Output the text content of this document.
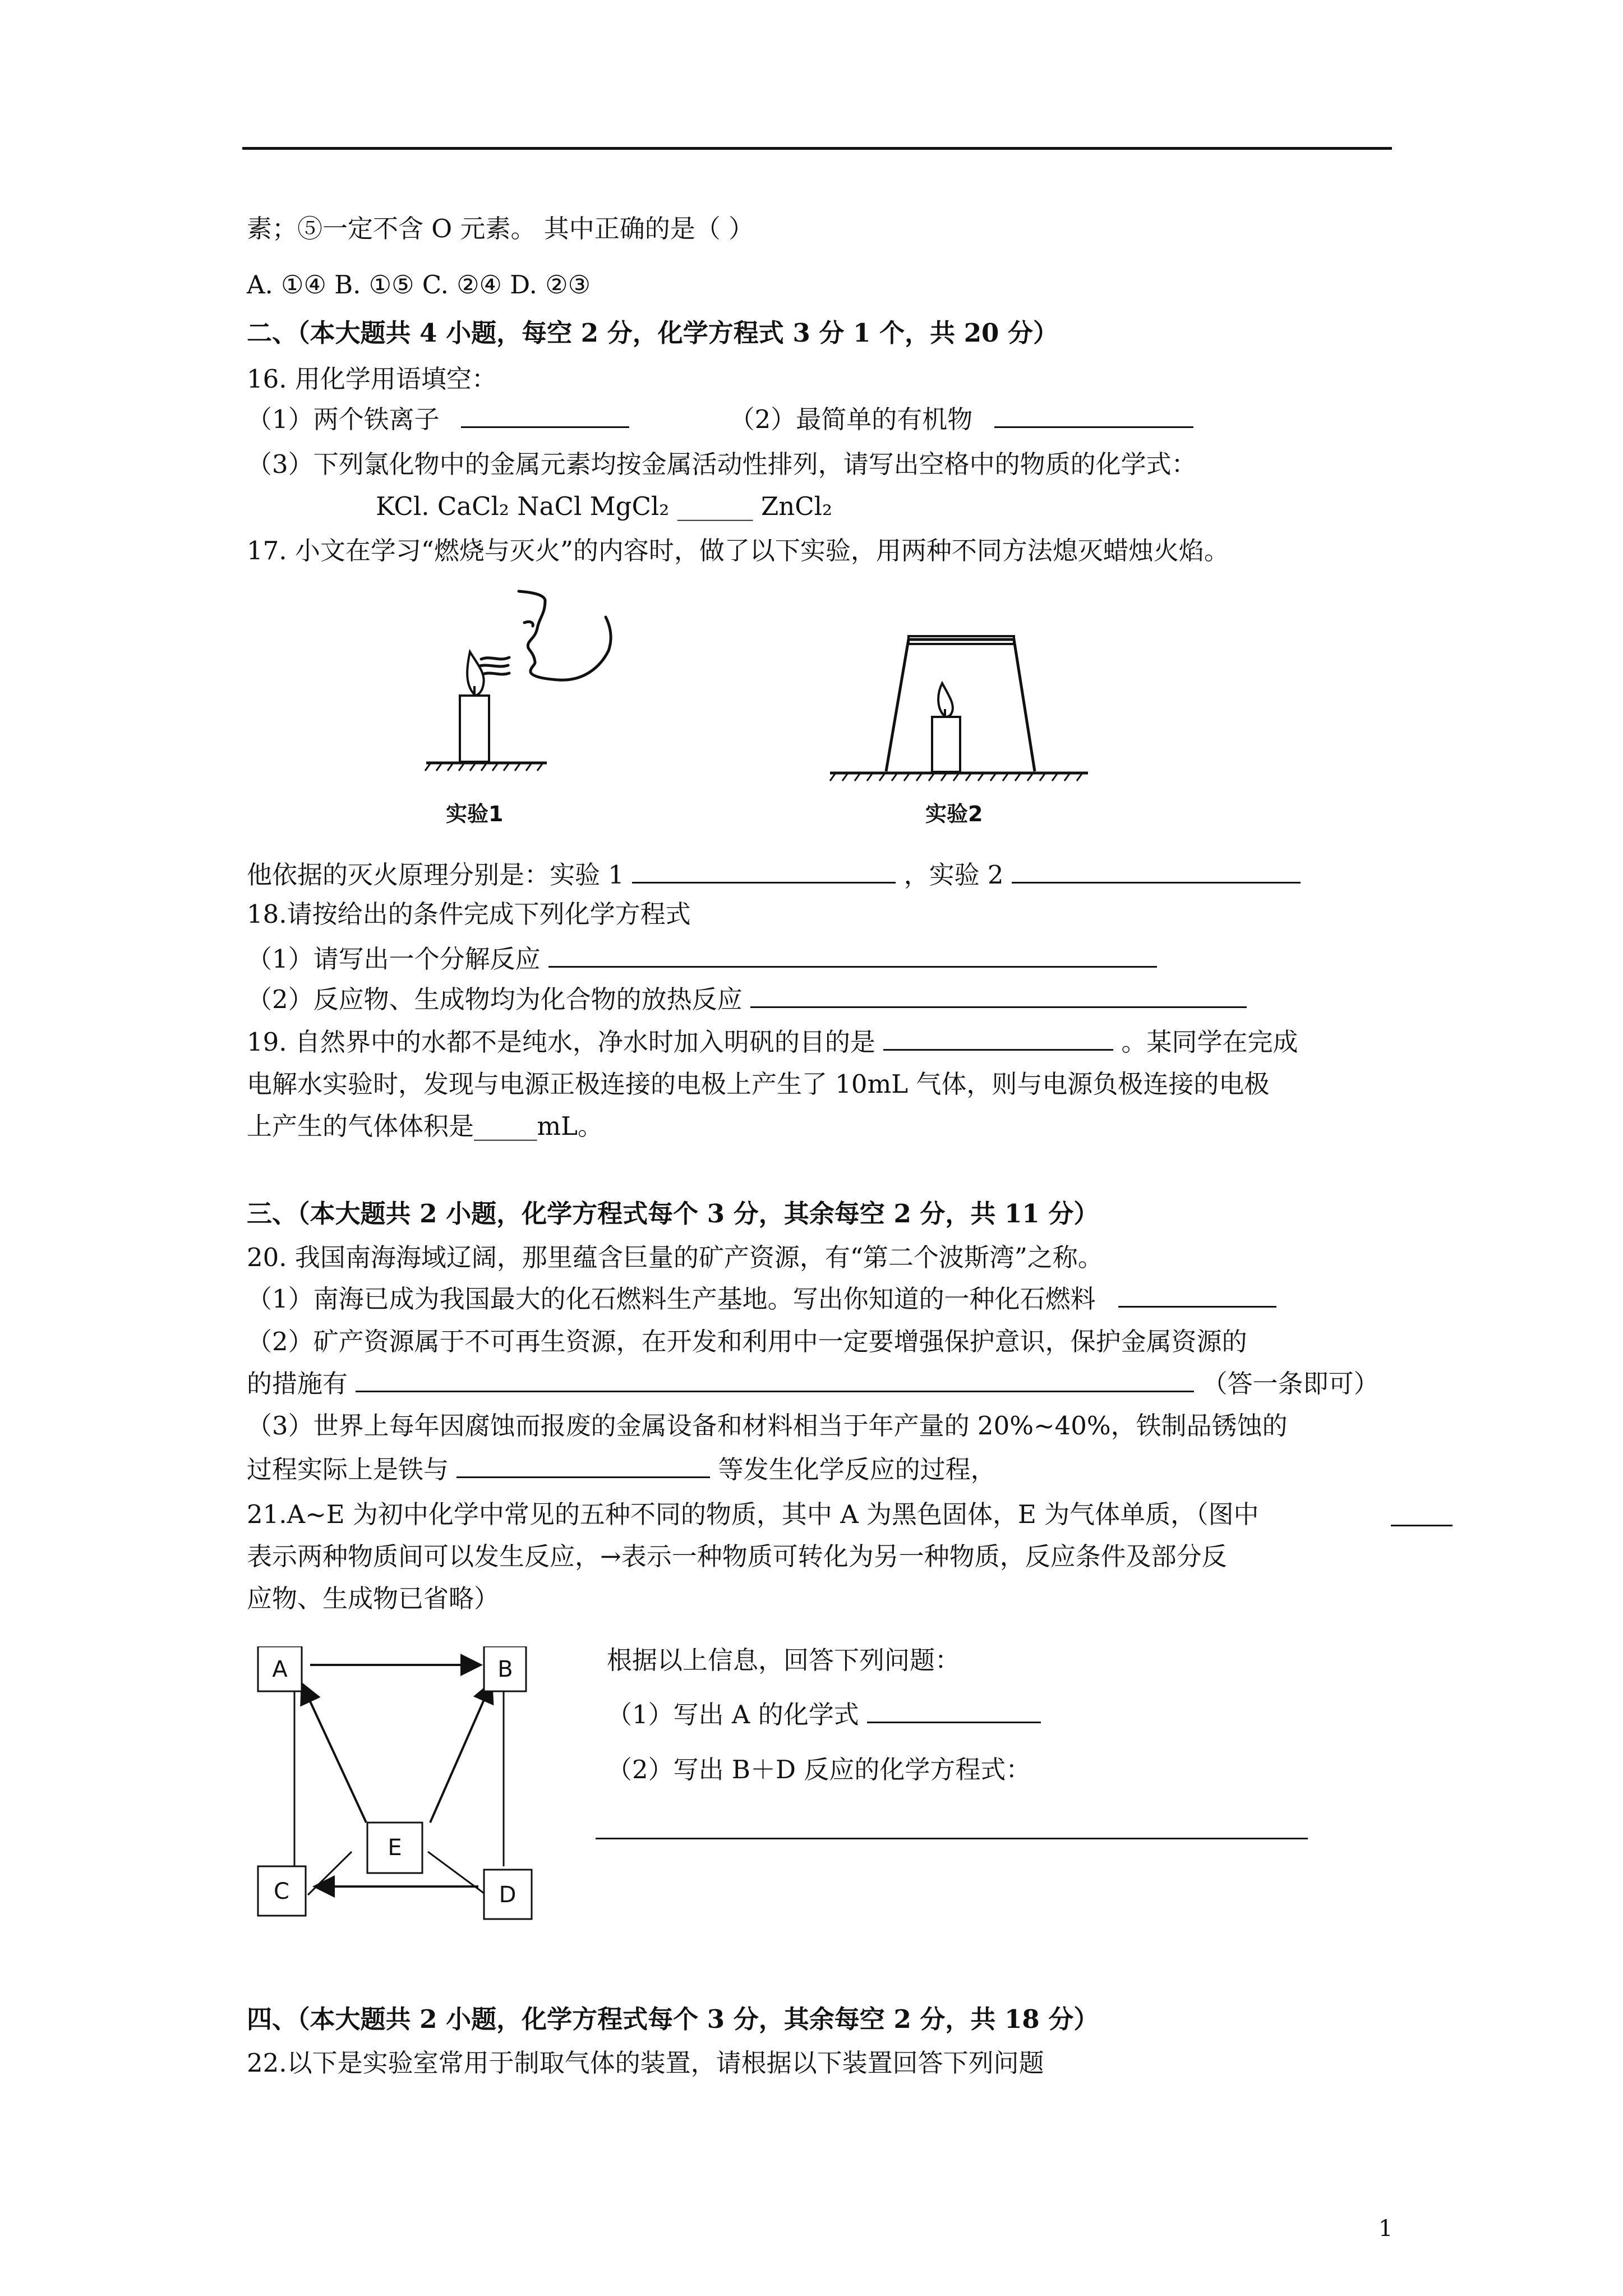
素；⑤一定不含 O 元素。 其中正确的是（ ）
A. ①④ B. ①⑤ C. ②④ D. ②③
二、（本大题共 4 小题，每空 2 分，化学方程式 3 分 1 个，共 20 分）
16. 用化学用语填空：
（1）两个铁离子	（2）最简单的有机物
（3）下列氯化物中的金属元素均按金属活动性排列，请写出空格中的物质的化学式：
KCl. CaCl₂ NaCl MgCl₂ ______ ZnCl₂
17. 小文在学习“燃烧与灭火”的内容时，做了以下实验，用两种不同方法熄灭蜡烛火焰。
实验1	实验2
他依据的灭火原理分别是：实验 1	，实验 2
18.请按给出的条件完成下列化学方程式
（1）请写出一个分解反应
（2）反应物、生成物均为化合物的放热反应
19. 自然界中的水都不是纯水，净水时加入明矾的目的是	。某同学在完成
电解水实验时，发现与电源正极连接的电极上产生了 10mL 气体，则与电源负极连接的电极
上产生的气体体积是_____mL。
三、（本大题共 2 小题，化学方程式每个 3 分，其余每空 2 分，共 11 分）
20. 我国南海海域辽阔，那里蕴含巨量的矿产资源，有“第二个波斯湾”之称。
（1）南海已成为我国最大的化石燃料生产基地。写出你知道的一种化石燃料
（2）矿产资源属于不可再生资源，在开发和利用中一定要增强保护意识，保护金属资源的
的措施有	（答一条即可）
（3）世界上每年因腐蚀而报废的金属设备和材料相当于年产量的 20%~40%，铁制品锈蚀的
过程实际上是铁与	等发生化学反应的过程，
21.A~E 为初中化学中常见的五种不同的物质，其中 A 为黑色固体，E 为气体单质，（图中
表示两种物质间可以发生反应，→表示一种物质可转化为另一种物质，反应条件及部分反
应物、生成物已省略）
A	B
E
C	D
根据以上信息，回答下列问题：
（1）写出 A 的化学式
（2）写出 B＋D 反应的化学方程式：
四、（本大题共 2 小题，化学方程式每个 3 分，其余每空 2 分，共 18 分）
22.以下是实验室常用于制取气体的装置，请根据以下装置回答下列问题
1
